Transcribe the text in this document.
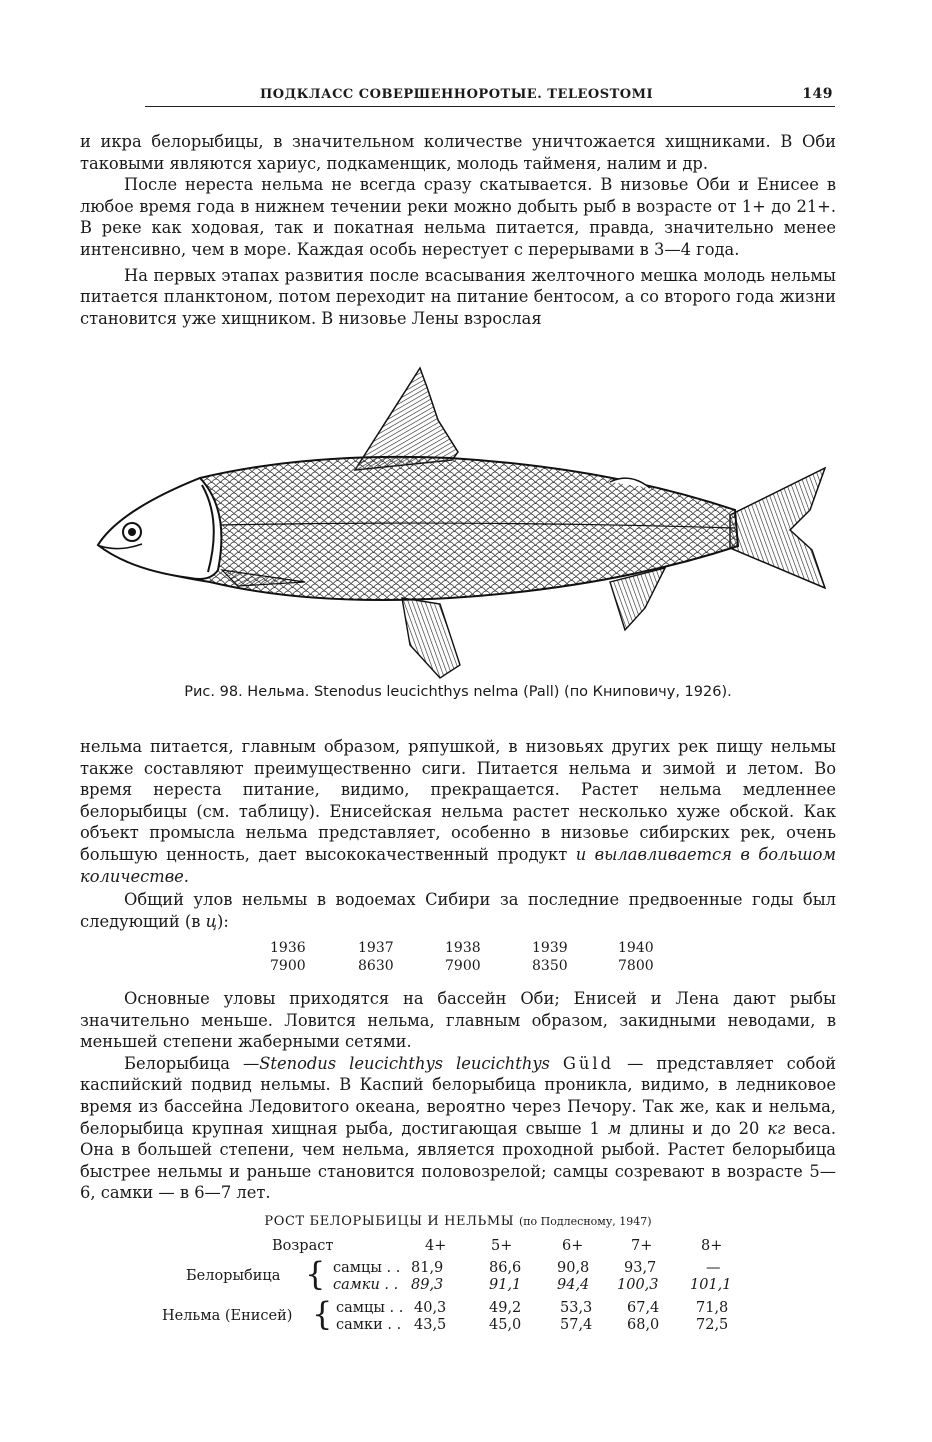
ПОДКЛАСС СОВЕРШЕННОРОТЫЕ. TELEOSTOMI	149

и икра белорыбицы, в значительном количестве уничтожается хищниками. В Оби таковыми являются хариус, подкаменщик, молодь тайменя, налим и др.

После нереста нельма не всегда сразу скатывается. В низовье Оби и Енисее в любое время года в нижнем течении реки можно добыть рыб в возрасте от 1+ до 21+. В реке как ходовая, так и покатная нельма питается, правда, значительно менее интенсивно, чем в море. Каждая особь нерестует с перерывами в 3—4 года.

На первых этапах развития после всасывания желточного мешка молодь нельмы питается планктоном, потом переходит на питание бентосом, а со второго года жизни становится уже хищником. В низовье Лены взрослая

Рис. 98. Нельма. Stenodus leucichthys nelma (Pall) (по Книповичу, 1926).

нельма питается, главным образом, ряпушкой, в низовьях других рек пищу нельмы также составляют преимущественно сиги. Питается нельма и зимой и летом. Во время нереста питание, видимо, прекращается. Растет нельма медленнее белорыбицы (см. таблицу). Енисейская нельма растет несколько хуже обской. Как объект промысла нельма представляет, особенно в низовье сибирских рек, очень большую ценность, дает высококачественный продукт и вылавливается в большом количестве.

Общий улов нельмы в водоемах Сибири за последние предвоенные годы был следующий (в ц):

1936	1937	1938	1939	1940
7900	8630	7900	8350	7800

Основные уловы приходятся на бассейн Оби; Енисей и Лена дают рыбы значительно меньше. Ловится нельма, главным образом, закидными неводами, в меньшей степени жаберными сетями.

Белорыбица —Stenodus leucichthys leucichthys Güld — представляет собой каспийский подвид нельмы. В Каспий белорыбица проникла, видимо, в ледниковое время из бассейна Ледовитого океана, вероятно через Печору. Так же, как и нельма, белорыбица крупная хищная рыба, достигающая свыше 1 м длины и до 20 кг веса. Она в большей степени, чем нельма, является проходной рыбой. Растет белорыбица быстрее нельмы и раньше становится половозрелой; самцы созревают в возрасте 5—6, самки — в 6—7 лет.

РОСТ БЕЛОРЫБИЦЫ И НЕЛЬМЫ (по Подлесному, 1947)
Возраст	4+	5+	6+	7+	8+
Белорыбица { самцы . . 81,9	86,6 90,8 93,7	—
самки . . 89,3	91,1 94,4 100,3 101,1
Нельма (Енисей) { самцы . . 40,3	49,2	53,3 67,4	71,8
самки . . 43,5	45,0	57,4 68,0	72,5
